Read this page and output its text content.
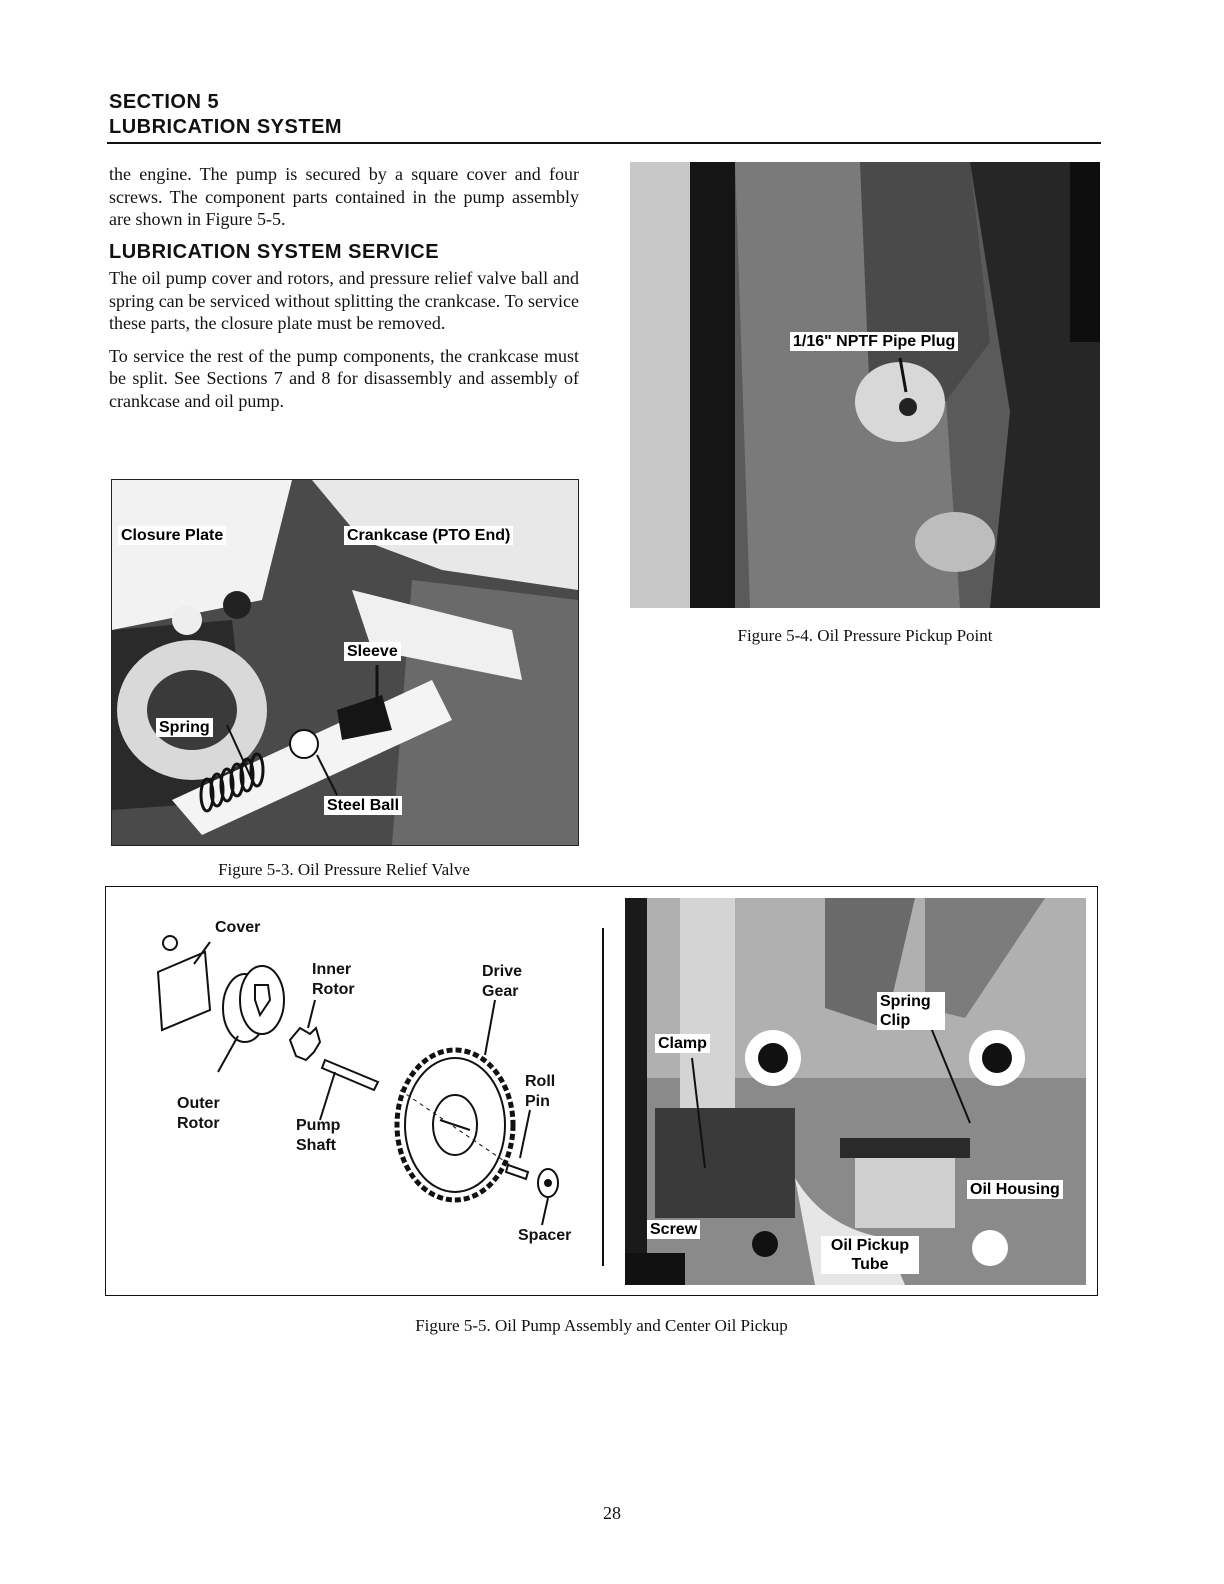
SECTION 5
LUBRICATION SYSTEM

the engine. The pump is secured by a square cover and four screws. The component parts contained in the pump assembly are shown in Figure 5-5.

LUBRICATION SYSTEM SERVICE

The oil pump cover and rotors, and pressure relief valve ball and spring can be serviced without splitting the crankcase. To service these parts, the closure plate must be removed.

To service the rest of the pump components, the crankcase must be split. See Sections 7 and 8 for disassembly and assembly of crankcase and oil pump.

Closure Plate	Crankcase (PTO End)
Sleeve
Spring
Steel Ball
Figure 5-3. Oil Pressure Relief Valve
1/16" NPTF Pipe Plug
Figure 5-4. Oil Pressure Pickup Point
Cover
Inner Rotor
Drive Gear
Roll Pin
Outer Rotor	Pump Shaft
Spacer
Spring Clip
Clamp
Oil Housing
Screw
Oil Pickup Tube
Figure 5-5. Oil Pump Assembly and Center Oil Pickup
28
